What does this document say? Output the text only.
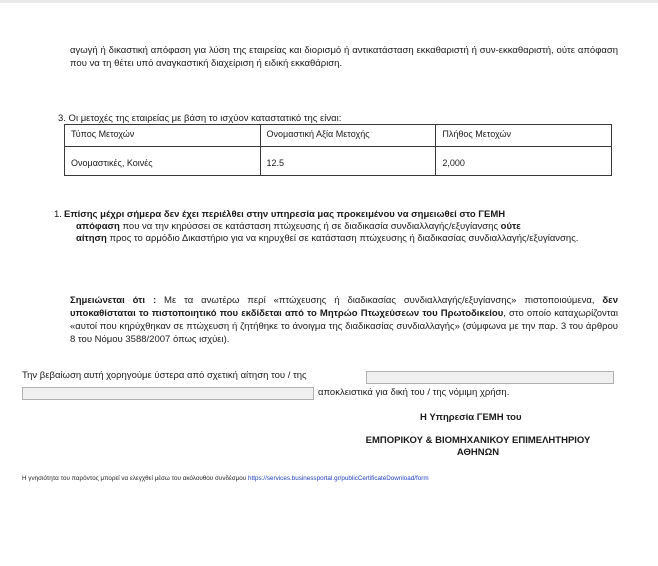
αγωγή ή δικαστική απόφαση για λύση της εταιρείας και διορισμό ή αντικατάσταση εκκαθαριστή ή συν-εκκαθαριστή, ούτε απόφαση που να τη θέτει υπό αναγκαστική διαχείριση ή ειδική εκκαθάριση.
3. Οι μετοχές της εταιρείας με βάση το ισχύον καταστατικό της είναι:
Τύπος Μετοχών	Ονομαστική Αξία Μετοχής	Πλήθος Μετοχών
Ονομαστικές, Κοινές	12.5	2,000
1. Επίσης μέχρι σήμερα δεν έχει περιέλθει στην υπηρεσία μας προκειμένου να σημειωθεί στο ΓΕΜΗ
απόφαση που να την κηρύσσει σε κατάσταση πτώχευσης ή σε διαδικασία συνδιαλλαγής/εξυγίανσης ούτε
αίτηση προς το αρμόδιο Δικαστήριο για να κηρυχθεί σε κατάσταση πτώχευσης ή διαδικασίας συνδιαλλαγής/εξυγίανσης.
Σημειώνεται ότι : Με τα ανωτέρω περί «πτώχευσης ή διαδικασίας συνδιαλλαγής/εξυγίανσης» πιστοποιούμενα, δεν υποκαθίσταται το πιστοποιητικό που εκδίδεται από το Μητρώο Πτωχεύσεων του Πρωτοδικείου, στο οποίο καταχωρίζονται «αυτοί που κηρύχθηκαν σε πτώχευση ή ζητήθηκε το άνοιγμα της διαδικασίας συνδιαλλαγής» (σύμφωνα με την παρ. 3 του άρθρου 8 του Νόμου 3588/2007 όπως ισχύει).
Την βεβαίωση αυτή χορηγούμε ύστερα από σχετική αίτηση του / της
αποκλειστικά για δική του / της νόμιμη χρήση.
Η Υπηρεσία ΓΕΜΗ του
ΕΜΠΟΡΙΚΟΥ & ΒΙΟΜΗΧΑΝΙΚΟΥ ΕΠΙΜΕΛΗΤΗΡΙΟΥ
ΑΘΗΝΩΝ
Η γνησιότητα του παρόντος μπορεί να ελεγχθεί μέσω του ακόλουθου συνδέσμου https://services.businessportal.gr/publicCertificateDownload/form
